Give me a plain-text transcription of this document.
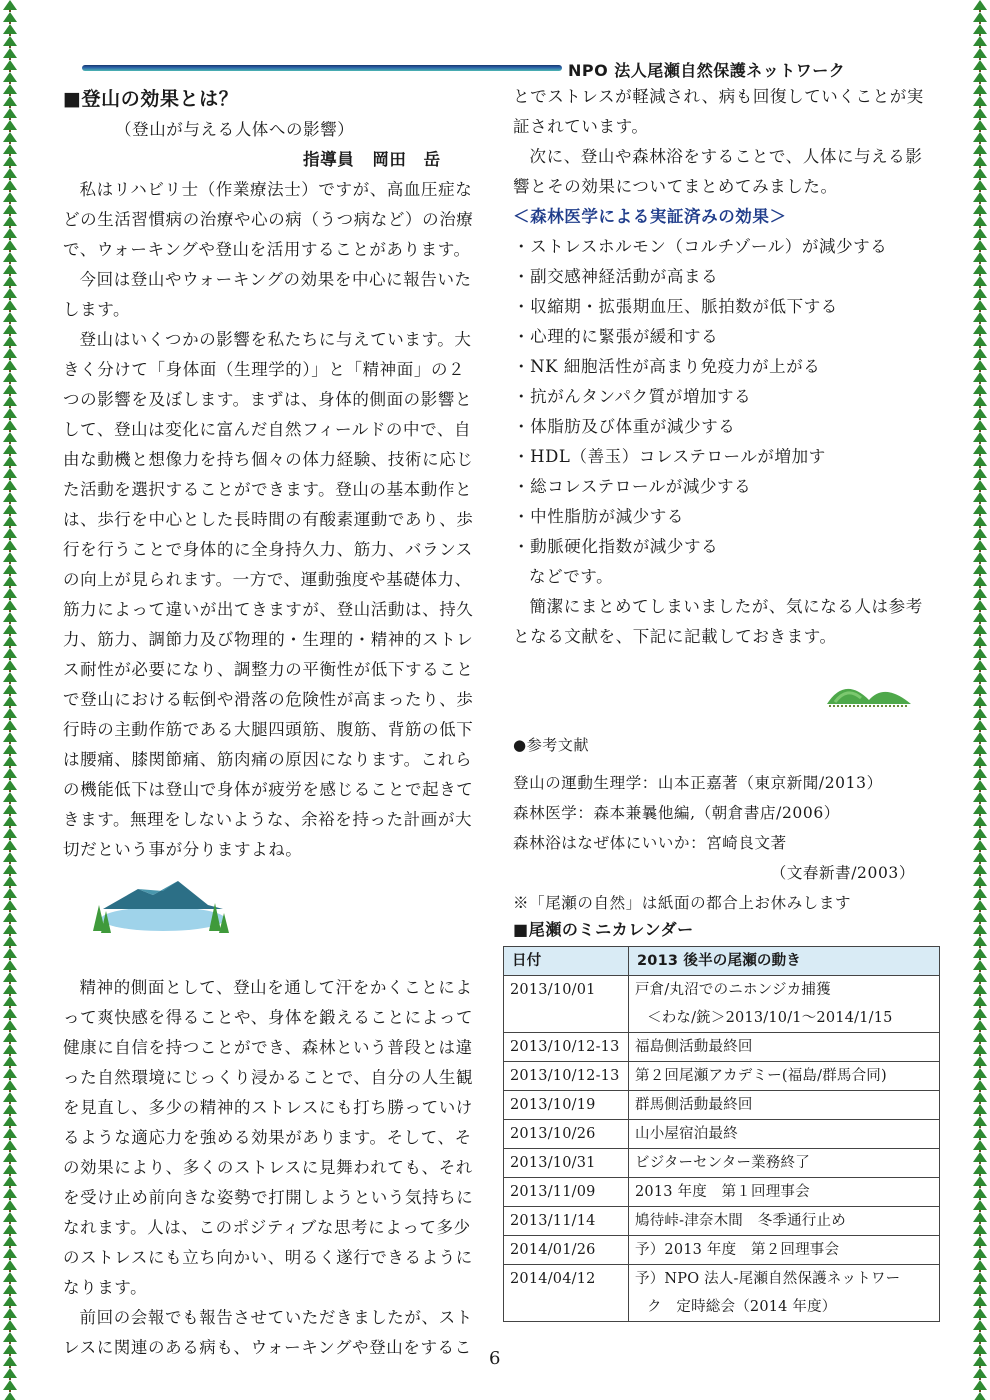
NPO 法人尾瀬自然保護ネットワーク
■登山の効果とは？
（登山が与える人体への影響）
指導員 岡田　岳

私はリハビリ士（作業療法士）ですが、高血圧症などの生活習慣病の治療や心の病（うつ病など）の治療で、ウォーキングや登山を活用することがあります。

今回は登山やウォーキングの効果を中心に報告いたします。

登山はいくつかの影響を私たちに与えています。大きく分けて「身体面（生理学的）」と「精神面」の２つの影響を及ぼします。まずは、身体的側面の影響として、登山は変化に富んだ自然フィールドの中で、自由な動機と想像力を持ち個々の体力経験、技術に応じた活動を選択することができます。登山の基本動作とは、歩行を中心とした長時間の有酸素運動であり、歩行を行うことで身体的に全身持久力、筋力、バランスの向上が見られます。一方で、運動強度や基礎体力、筋力によって違いが出てきますが、登山活動は、持久力、筋力、調節力及び物理的・生理的・精神的ストレス耐性が必要になり、調整力の平衡性が低下することで登山における転倒や滑落の危険性が高まったり、歩行時の主動作筋である大腿四頭筋、腹筋、背筋の低下は腰痛、膝関節痛、筋肉痛の原因になります。これらの機能低下は登山で身体が疲労を感じることで起きてきます。無理をしないような、余裕を持った計画が大切だという事が分りますよね。

精神的側面として、登山を通して汗をかくことによって爽快感を得ることや、身体を鍛えることによって健康に自信を持つことができ、森林という普段とは違った自然環境にじっくり浸かることで、自分の人生観を見直し、多少の精神的ストレスにも打ち勝っていけるような適応力を強める効果があります。そして、その効果により、多くのストレスに見舞われても、それを受け止め前向きな姿勢で打開しようという気持ちになれます。人は、このポジティブな思考によって多少のストレスにも立ち向かい、明るく遂行できるようになります。

前回の会報でも報告させていただきましたが、ストレスに関連のある病も、ウォーキングや登山をするこ

とでストレスが軽減され、病も回復していくことが実証されています。

次に、登山や森林浴をすることで、人体に与える影響とその効果についてまとめてみました。

＜森林医学による実証済みの効果＞

・ストレスホルモン（コルチゾール）が減少する
・副交感神経活動が高まる
・収縮期・拡張期血圧、脈拍数が低下する
・心理的に緊張が緩和する
・NK 細胞活性が高まり免疫力が上がる
・抗がんタンパク質が増加する
・体脂肪及び体重が減少する
・HDL（善玉）コレステロールが増加す
・総コレステロールが減少する
・中性脂肪が減少する
・動脈硬化指数が減少する

などです。

簡潔にまとめてしまいましたが、気になる人は参考となる文献を、下記に記載しておきます。

●参考文献

登山の運動生理学：山本正嘉著（東京新聞/2013）

森林医学：森本兼曩他編,（朝倉書店/2006）

森林浴はなぜ体にいいか：宮崎良文著

（文春新書/2003）

※「尾瀬の自然」は紙面の都合上お休みします

■尾瀬のミニカレンダー

日付	2013 後半の尾瀬の動き
2013/10/01	戸倉/丸沼でのニホンジカ捕獲
＜わな/銃＞2013/10/1～2014/1/15

2013/10/12-13	福島側活動最終回
2013/10/12-13	第２回尾瀬アカデミー(福島/群馬合同)
2013/10/19	群馬側活動最終回
2013/10/26	山小屋宿泊最終
2013/10/31	ビジターセンター業務終了
2013/11/09	2013 年度　第１回理事会
2013/11/14	鳩待峠-津奈木間　冬季通行止め
2014/01/26	予）2013 年度　第２回理事会
2014/04/12	予）NPO 法人-尾瀬自然保護ネットワー
ク　定時総会（2014 年度）
6
